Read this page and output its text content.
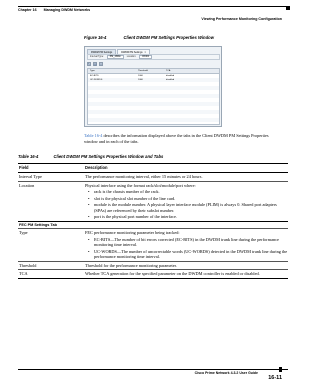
Chapter 16 Managing DWDM Networks
Viewing Performance Monitoring Configuration
Figure 16-4	Client DWDM PM Settings Properties Window
DWDM PM Settings	DWDM PM Settings ×
Interval Type:	PM_15Min	Location:	0/3/0/0
↻	▤	▾
Type	Threshold	TCA
EC-BITS	1000	disabled
UC-WORDS	1000	disabled
Table 16-4 describes the information displayed above the tabs in the Client DWDM PM Settings Properties window and in each of the tabs.
Table 16-4	Client DWDM PM Settings Properties Window and Tabs
Field	Description
Interval Type	The performance monitoring interval, either 15 minutes or 24 hours.
Location	Physical interface using the format rack/slot/module/port where:
• rack is the chassis number of the rack.
• slot is the physical slot number of the line card.
• module is the module number. A physical layer interface module (PLIM) is always 0. Shared port adapters (SPAs) are referenced by their subslot number.
• port is the physical port number of the interface.
FEC PM Settings Tab
Type	FEC performance monitoring parameter being tracked:
• EC-BITS—The number of bit errors corrected (EC-BITS) in the DWDM trunk line during the performance monitoring time interval.
• UC-WORDS—The number of uncorrectable words (UC-WORDS) detected in the DWDM trunk line during the performance monitoring time interval.
Threshold	Threshold for the performance monitoring parameter.
TCA	Whether TCA generation for the specified parameter on the DWDM controller is enabled or disabled.
Cisco Prime Network 4.3.2 User Guide
16-11
